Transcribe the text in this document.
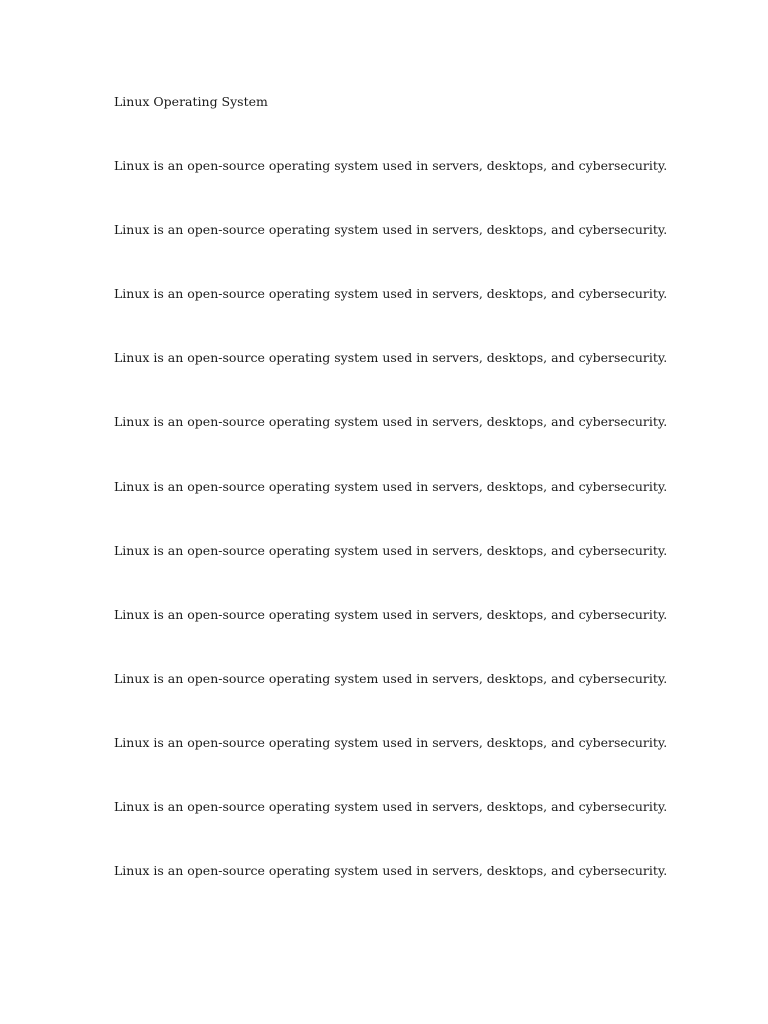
Linux Operating System

Linux is an open-source operating system used in servers, desktops, and cybersecurity.

Linux is an open-source operating system used in servers, desktops, and cybersecurity.

Linux is an open-source operating system used in servers, desktops, and cybersecurity.

Linux is an open-source operating system used in servers, desktops, and cybersecurity.

Linux is an open-source operating system used in servers, desktops, and cybersecurity.

Linux is an open-source operating system used in servers, desktops, and cybersecurity.

Linux is an open-source operating system used in servers, desktops, and cybersecurity.

Linux is an open-source operating system used in servers, desktops, and cybersecurity.

Linux is an open-source operating system used in servers, desktops, and cybersecurity.

Linux is an open-source operating system used in servers, desktops, and cybersecurity.

Linux is an open-source operating system used in servers, desktops, and cybersecurity.

Linux is an open-source operating system used in servers, desktops, and cybersecurity.
